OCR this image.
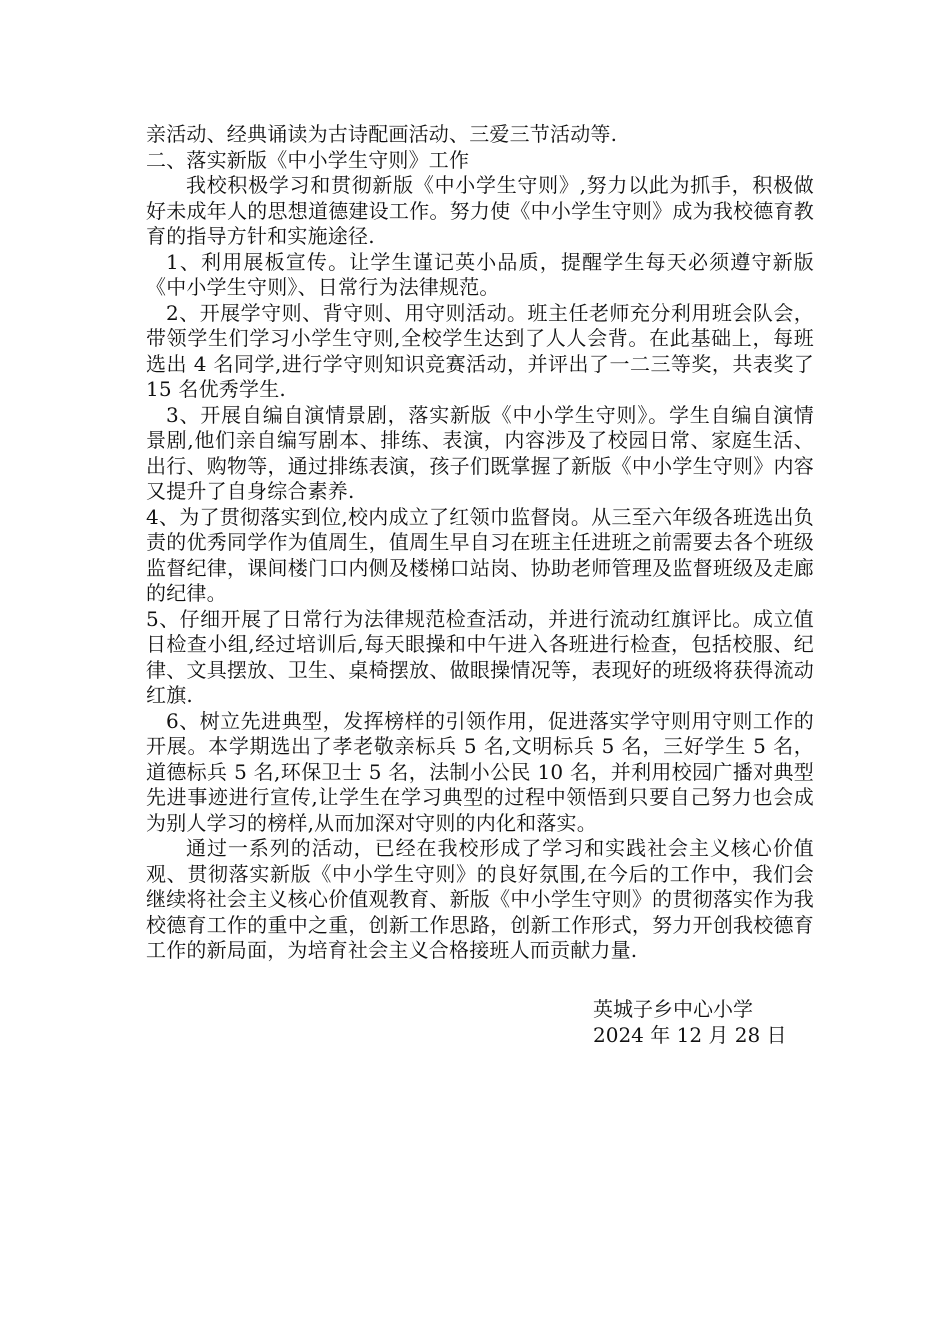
亲活动、经典诵读为古诗配画活动、三爱三节活动等.

二、落实新版《中小学生守则》工作

我校积极学习和贯彻新版《中小学生守则》,努力以此为抓手，积极做好未成年人的思想道德建设工作。努力使《中小学生守则》成为我校德育教育的指导方针和实施途径.

1、利用展板宣传。让学生谨记英小品质，提醒学生每天必须遵守新版《中小学生守则》、日常行为法律规范。

2、开展学守则、背守则、用守则活动。班主任老师充分利用班会队会，带领学生们学习小学生守则,全校学生达到了人人会背。在此基础上，每班选出 4 名同学,进行学守则知识竞赛活动，并评出了一二三等奖，共表奖了 15 名优秀学生.

3、开展自编自演情景剧，落实新版《中小学生守则》。学生自编自演情景剧,他们亲自编写剧本、排练、表演，内容涉及了校园日常、家庭生活、出行、购物等，通过排练表演，孩子们既掌握了新版《中小学生守则》内容又提升了自身综合素养.

4、为了贯彻落实到位,校内成立了红领巾监督岗。从三至六年级各班选出负责的优秀同学作为值周生，值周生早自习在班主任进班之前需要去各个班级监督纪律，课间楼门口内侧及楼梯口站岗、协助老师管理及监督班级及走廊的纪律。

5、仔细开展了日常行为法律规范检查活动，并进行流动红旗评比。成立值日检查小组,经过培训后,每天眼操和中午进入各班进行检查，包括校服、纪律、文具摆放、卫生、桌椅摆放、做眼操情况等，表现好的班级将获得流动红旗.

6、树立先进典型，发挥榜样的引领作用，促进落实学守则用守则工作的开展。本学期选出了孝老敬亲标兵 5 名,文明标兵 5 名，三好学生 5 名，道德标兵 5 名,环保卫士 5 名，法制小公民 10 名，并利用校园广播对典型先进事迹进行宣传,让学生在学习典型的过程中领悟到只要自己努力也会成为别人学习的榜样,从而加深对守则的内化和落实。

通过一系列的活动，已经在我校形成了学习和实践社会主义核心价值观、贯彻落实新版《中小学生守则》的良好氛围,在今后的工作中，我们会继续将社会主义核心价值观教育、新版《中小学生守则》的贯彻落实作为我校德育工作的重中之重，创新工作思路，创新工作形式，努力开创我校德育工作的新局面，为培育社会主义合格接班人而贡献力量.

英城子乡中心小学
2024 年 12 月 28 日
